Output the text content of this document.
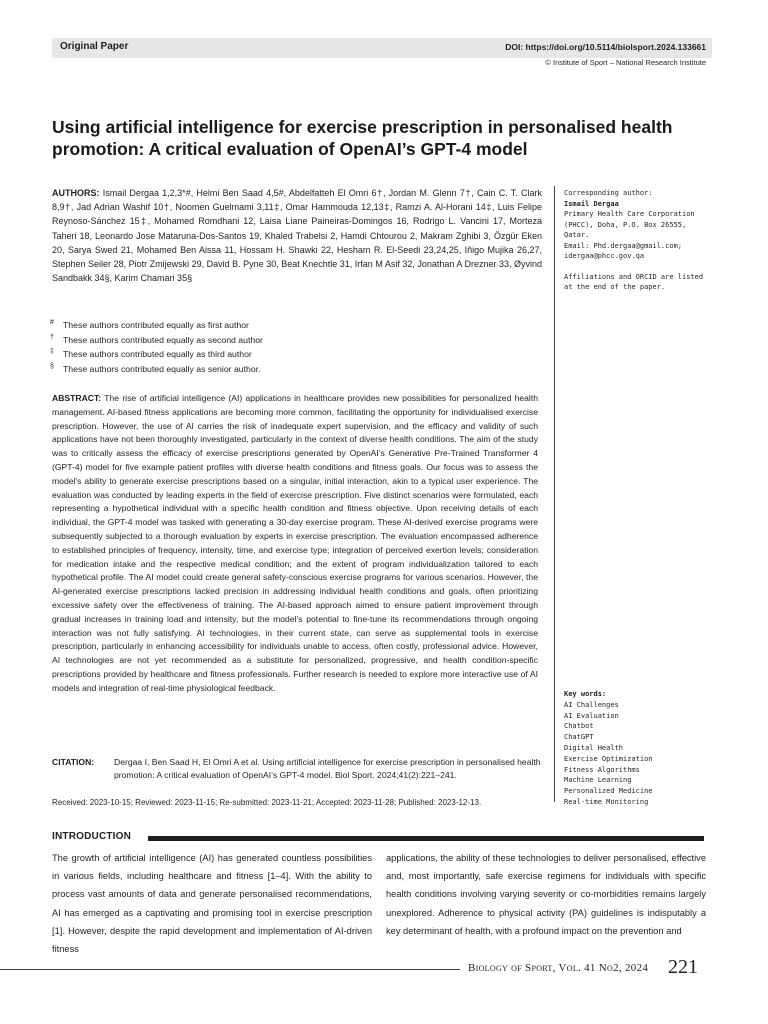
Original Paper	DOI: https://doi.org/10.5114/biolsport.2024.133661
© Institute of Sport – National Research Institute
Using artificial intelligence for exercise prescription in personalised health promotion: A critical evaluation of OpenAI’s GPT-4 model
AUTHORS: Ismail Dergaa 1,2,3*#, Helmi Ben Saad 4,5#, Abdelfatteh El Omri 6†, Jordan M. Glenn 7†, Cain C. T. Clark 8,9†, Jad Adrian Washif 10†, Noomen Guelmami 3,11‡, Omar Hammouda 12,13‡, Ramzi A. Al-Horani 14‡, Luis Felipe Reynoso-Sánchez 15‡, Mohamed Romdhani 12, Laisa Liane Paineiras-Domingos 16, Rodrigo L. Vancini 17, Morteza Taheri 18, Leonardo Jose Mataruna-Dos-Santos 19, Khaled Trabelsi 2, Hamdi Chtourou 2, Makram Zghibi 3, Özgür Eken 20, Sarya Swed 21, Mohamed Ben Aissa 11, Hossam H. Shawki 22, Hesham R. El-Seedi 23,24,25, Iñigo Mujika 26,27, Stephen Seiler 28, Piotr Zmijewski 29, David B. Pyne 30, Beat Knechtle 31, Irfan M Asif 32, Jonathan A Drezner 33, Øyvind Sandbakk 34§, Karim Chamari 35§
Corresponding author:
Ismail Dergaa
Primary Health Care Corporation (PHCC), Doha, P.O. Box 26555, Qatar.
Email: Phd.dergaa@gmail.com; idergaa@phcc.gov.qa
Affiliations and ORCID are listed at the end of the paper.
# These authors contributed equally as first author
† These authors contributed equally as second author
‡ These authors contributed equally as third author
§ These authors contributed equally as senior author.
ABSTRACT: The rise of artificial intelligence (AI) applications in healthcare provides new possibilities for personalized health management. AI-based fitness applications are becoming more common, facilitating the opportunity for individualised exercise prescription. However, the use of AI carries the risk of inadequate expert supervision, and the efficacy and validity of such applications have not been thoroughly investigated, particularly in the context of diverse health conditions. The aim of the study was to critically assess the efficacy of exercise prescriptions generated by OpenAI’s Generative Pre-Trained Transformer 4 (GPT-4) model for five example patient profiles with diverse health conditions and fitness goals. Our focus was to assess the model’s ability to generate exercise prescriptions based on a singular, initial interaction, akin to a typical user experience. The evaluation was conducted by leading experts in the field of exercise prescription. Five distinct scenarios were formulated, each representing a hypothetical individual with a specific health condition and fitness objective. Upon receiving details of each individual, the GPT-4 model was tasked with generating a 30-day exercise program. These AI-derived exercise programs were subsequently subjected to a thorough evaluation by experts in exercise prescription. The evaluation encompassed adherence to established principles of frequency, intensity, time, and exercise type; integration of perceived exertion levels; consideration for medication intake and the respective medical condition; and the extent of program individualization tailored to each hypothetical profile. The AI model could create general safety-conscious exercise programs for various scenarios. However, the AI-generated exercise prescriptions lacked precision in addressing individual health conditions and goals, often prioritizing excessive safety over the effectiveness of training. The AI-based approach aimed to ensure patient improvement through gradual increases in training load and intensity, but the model’s potential to fine-tune its recommendations through ongoing interaction was not fully satisfying. AI technologies, in their current state, can serve as supplemental tools in exercise prescription, particularly in enhancing accessibility for individuals unable to access, often costly, professional advice. However, AI technologies are not yet recommended as a substitute for personalized, progressive, and health condition-specific prescriptions provided by healthcare and fitness professionals. Further research is needed to explore more interactive use of AI models and integration of real-time physiological feedback.
CITATION: Dergaa I, Ben Saad H, El Omri A et al. Using artificial intelligence for exercise prescription in personalised health promotion: A critical evaluation of OpenAI’s GPT-4 model. Biol Sport. 2024;41(2):221–241.
Received: 2023-10-15; Reviewed: 2023-11-15; Re-submitted: 2023-11-21; Accepted: 2023-11-28; Published: 2023-12-13.
Key words:
AI Challenges
AI Evaluation
Chatbot
ChatGPT
Digital Health
Exercise Optimization
Fitness Algorithms
Machine Learning
Personalized Medicine
Real-time Monitoring
INTRODUCTION
The growth of artificial intelligence (AI) has generated countless possibilities in various fields, including healthcare and fitness [1–4]. With the ability to process vast amounts of data and generate personalised recommendations, AI has emerged as a captivating and promising tool in exercise prescription [1]. However, despite the rapid development and implementation of AI-driven fitness
applications, the ability of these technologies to deliver personalised, effective and, most importantly, safe exercise regimens for individuals with specific health conditions involving varying severity or co-morbidities remains largely unexplored. Adherence to physical activity (PA) guidelines is indisputably a key determinant of health, with a profound impact on the prevention and
Biology of Sport, Vol. 41 No2, 2024 221
